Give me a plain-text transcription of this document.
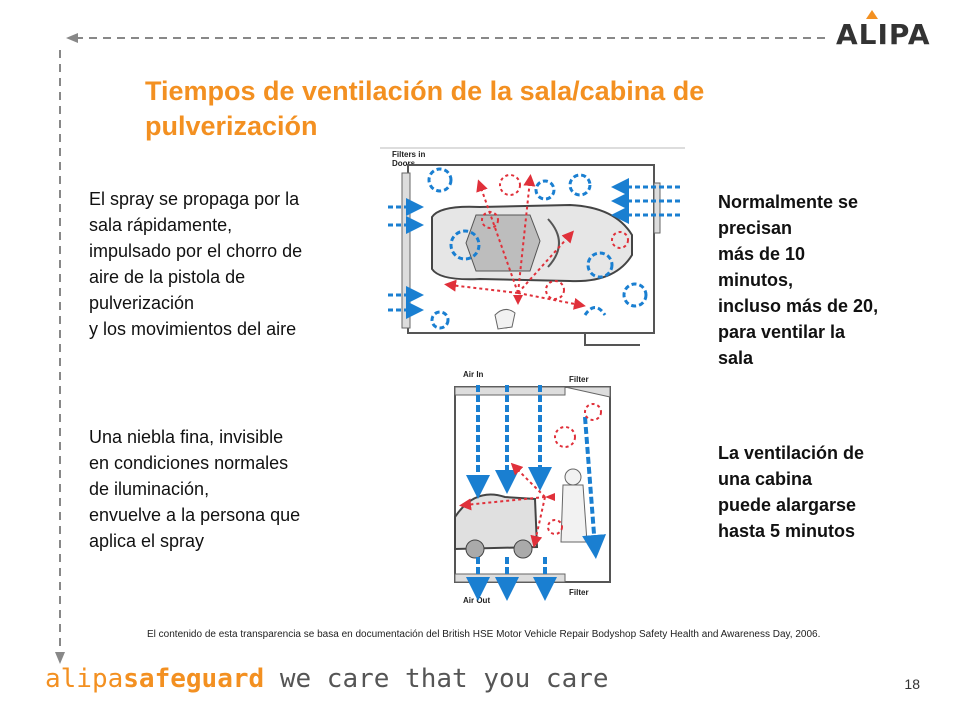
ALIPA
Tiempos de ventilación de la sala/cabina de
pulverización
El spray se propaga por la
sala rápidamente,
impulsado por el chorro de
aire de la pistola de
pulverización
y los movimientos del aire
Una niebla fina, invisible
en condiciones normales
de iluminación,
envuelve a la persona que
aplica el spray
Normalmente se
precisan
más de 10
minutos,
incluso más de 20,
para ventilar la
sala
La ventilación de
una cabina
puede alargarse
hasta 5 minutos
Filters in
Doors
Air In
Filter
Air Out
Filter

El contenido de esta transparencia se basa en documentación del British HSE Motor Vehicle Repair Bodyshop Safety Health and Awareness Day, 2006.

alipasafeguard we care that you care	18
